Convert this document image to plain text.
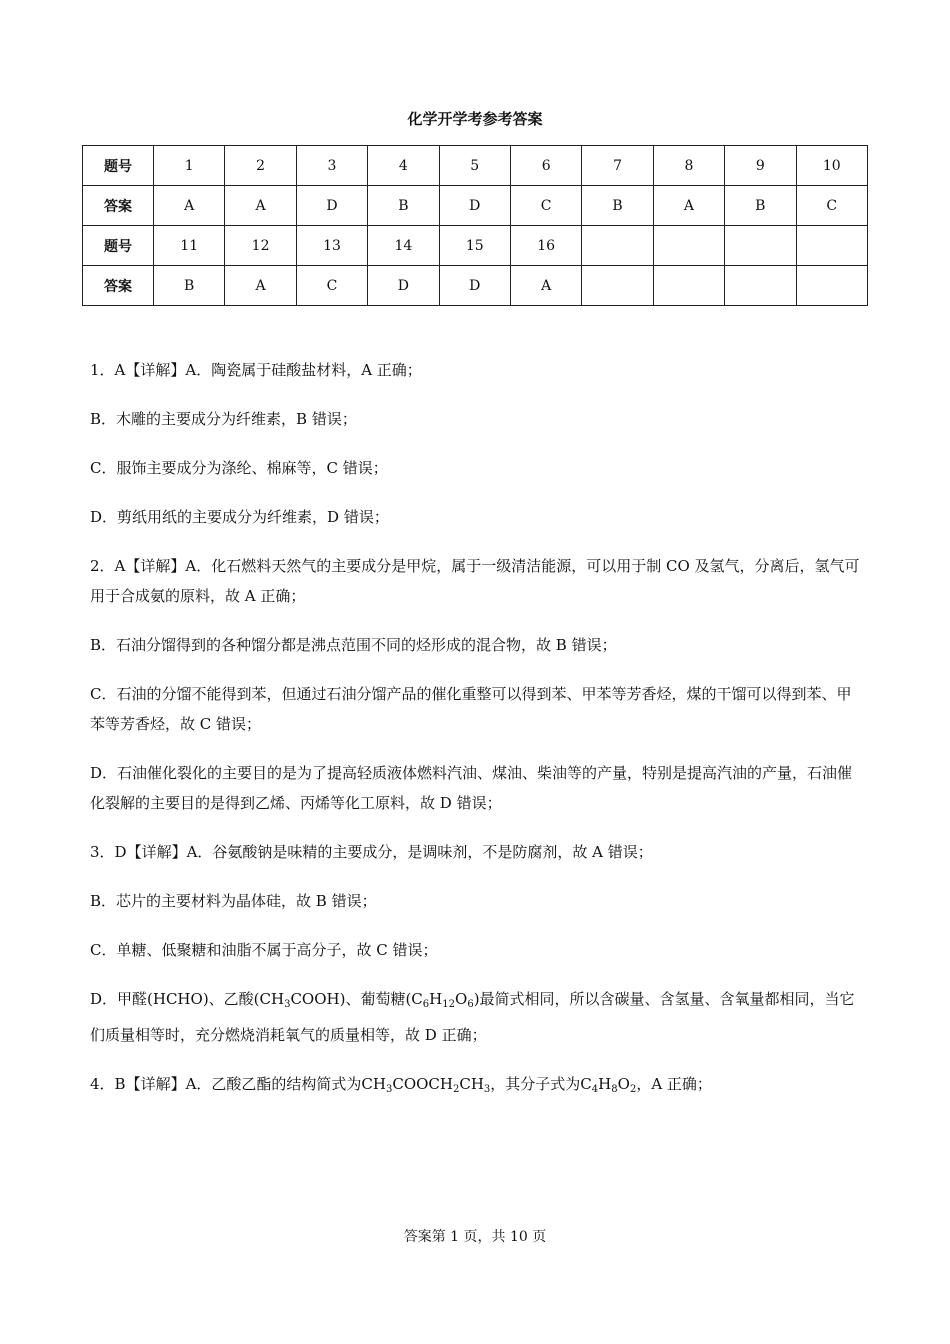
化学开学考参考答案
题号	1	2	3	4	5	6	7	8	9	10
答案	A	A	D	B	D	C	B	A	B	C
题号	11	12	13	14	15	16				
答案	B	A	C	D	D	A				

1．A【详解】A．陶瓷属于硅酸盐材料，A 正确；

B．木雕的主要成分为纤维素，B 错误；

C．服饰主要成分为涤纶、棉麻等，C 错误；

D．剪纸用纸的主要成分为纤维素，D 错误；

2．A【详解】A．化石燃料天然气的主要成分是甲烷，属于一级清洁能源，可以用于制 CO 及氢气，分离后，氢气可用于合成氨的原料，故 A 正确；

B．石油分馏得到的各种馏分都是沸点范围不同的烃形成的混合物，故 B 错误；

C．石油的分馏不能得到苯，但通过石油分馏产品的催化重整可以得到苯、甲苯等芳香烃，煤的干馏可以得到苯、甲苯等芳香烃，故 C 错误；

D．石油催化裂化的主要目的是为了提高轻质液体燃料汽油、煤油、柴油等的产量，特别是提高汽油的产量，石油催化裂解的主要目的是得到乙烯、丙烯等化工原料，故 D 错误；

3．D【详解】A．谷氨酸钠是味精的主要成分，是调味剂，不是防腐剂，故 A 错误；

B．芯片的主要材料为晶体硅，故 B 错误；

C．单糖、低聚糖和油脂不属于高分子，故 C 错误；

D．甲醛(HCHO)、乙酸$(CH_3COOH)$、葡萄糖$(C_6H_{12}O_6)$最简式相同，所以含碳量、含氢量、含氧量都相同，当它们质量相等时，充分燃烧消耗氧气的质量相等，故 D 正确；

4．B【详解】A．乙酸乙酯的结构简式为$CH_3COOCH_2CH_3$，其分子式为$C_4H_8O_2$，A 正确；

答案第 1 页，共 10 页
